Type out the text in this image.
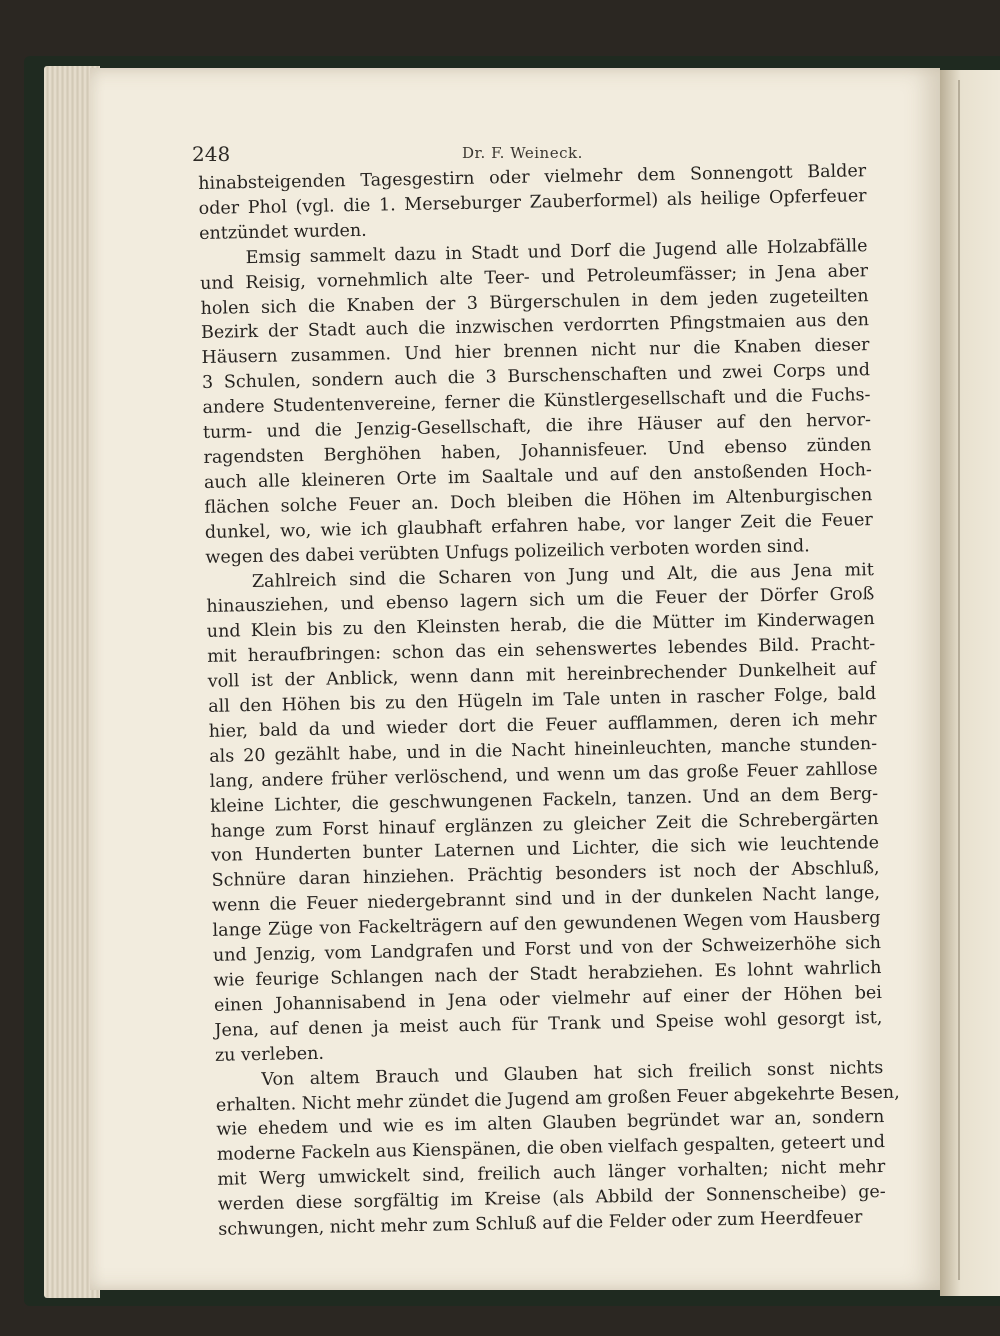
248	Dr. F. Weineck.
hinabsteigenden Tagesgestirn oder vielmehr dem Sonnengott Balder
oder Phol (vgl. die 1. Merseburger Zauberformel) als heilige Opferfeuer
entzündet wurden.
Emsig sammelt dazu in Stadt und Dorf die Jugend alle Holzabfälle
und Reisig, vornehmlich alte Teer- und Petroleumfässer; in Jena aber
holen sich die Knaben der 3 Bürgerschulen in dem jeden zugeteilten
Bezirk der Stadt auch die inzwischen verdorrten Pfingstmaien aus den
Häusern zusammen. Und hier brennen nicht nur die Knaben dieser
3 Schulen, sondern auch die 3 Burschenschaften und zwei Corps und
andere Studentenvereine, ferner die Künstlergesellschaft und die Fuchs-
turm- und die Jenzig-Gesellschaft, die ihre Häuser auf den hervor-
ragendsten Berghöhen haben, Johannisfeuer. Und ebenso zünden
auch alle kleineren Orte im Saaltale und auf den anstoßenden Hoch-
flächen solche Feuer an. Doch bleiben die Höhen im Altenburgischen
dunkel, wo, wie ich glaubhaft erfahren habe, vor langer Zeit die Feuer
wegen des dabei verübten Unfugs polizeilich verboten worden sind.
Zahlreich sind die Scharen von Jung und Alt, die aus Jena mit
hinausziehen, und ebenso lagern sich um die Feuer der Dörfer Groß
und Klein bis zu den Kleinsten herab, die die Mütter im Kinderwagen
mit heraufbringen: schon das ein sehenswertes lebendes Bild. Pracht-
voll ist der Anblick, wenn dann mit hereinbrechender Dunkelheit auf
all den Höhen bis zu den Hügeln im Tale unten in rascher Folge, bald
hier, bald da und wieder dort die Feuer aufflammen, deren ich mehr
als 20 gezählt habe, und in die Nacht hineinleuchten, manche stunden-
lang, andere früher verlöschend, und wenn um das große Feuer zahllose
kleine Lichter, die geschwungenen Fackeln, tanzen. Und an dem Berg-
hange zum Forst hinauf erglänzen zu gleicher Zeit die Schrebergärten
von Hunderten bunter Laternen und Lichter, die sich wie leuchtende
Schnüre daran hinziehen. Prächtig besonders ist noch der Abschluß,
wenn die Feuer niedergebrannt sind und in der dunkelen Nacht lange,
lange Züge von Fackelträgern auf den gewundenen Wegen vom Hausberg
und Jenzig, vom Landgrafen und Forst und von der Schweizerhöhe sich
wie feurige Schlangen nach der Stadt herabziehen. Es lohnt wahrlich
einen Johannisabend in Jena oder vielmehr auf einer der Höhen bei
Jena, auf denen ja meist auch für Trank und Speise wohl gesorgt ist,
zu verleben.
Von altem Brauch und Glauben hat sich freilich sonst nichts
erhalten. Nicht mehr zündet die Jugend am großen Feuer abgekehrte Besen,
wie ehedem und wie es im alten Glauben begründet war an, sondern
moderne Fackeln aus Kienspänen, die oben vielfach gespalten, geteert und
mit Werg umwickelt sind, freilich auch länger vorhalten; nicht mehr
werden diese sorgfältig im Kreise (als Abbild der Sonnenscheibe) ge-
schwungen, nicht mehr zum Schluß auf die Felder oder zum Heerdfeuer
